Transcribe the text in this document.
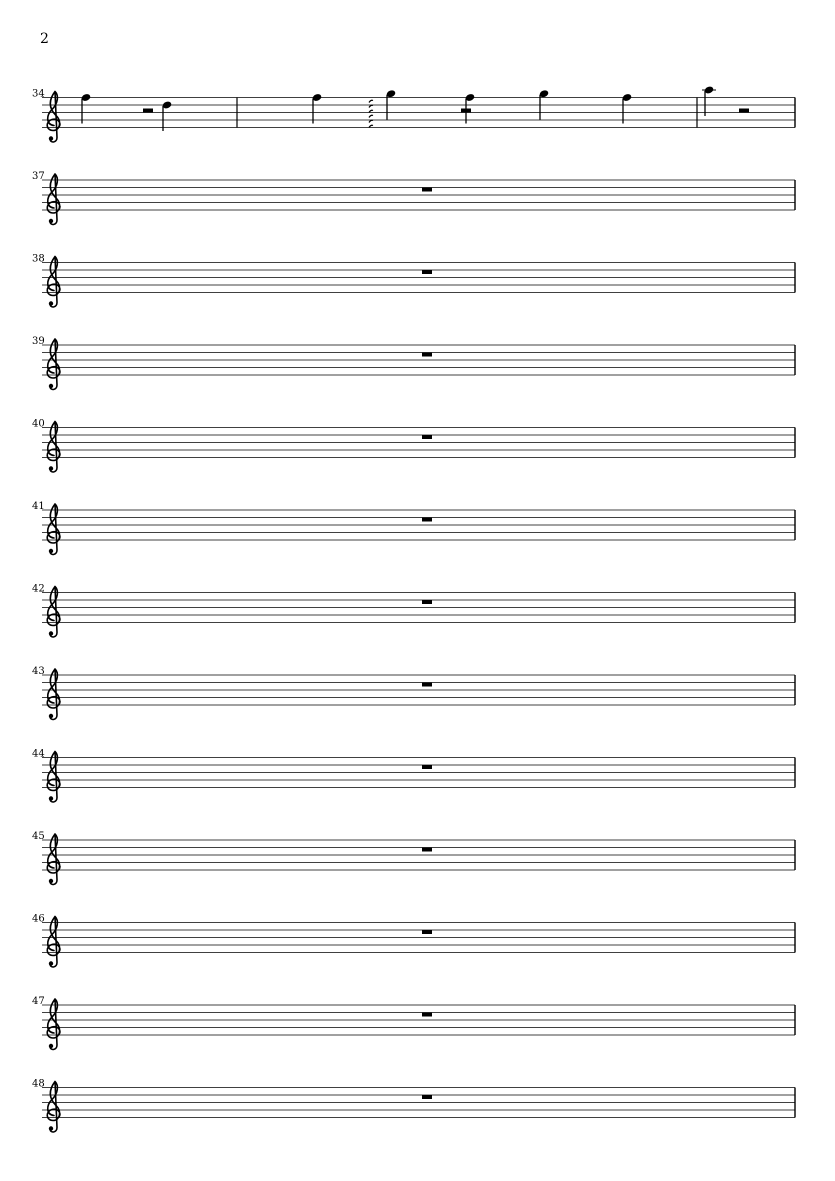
2
34
37
38
39
40
41
42
43
44
45
46
47
48
